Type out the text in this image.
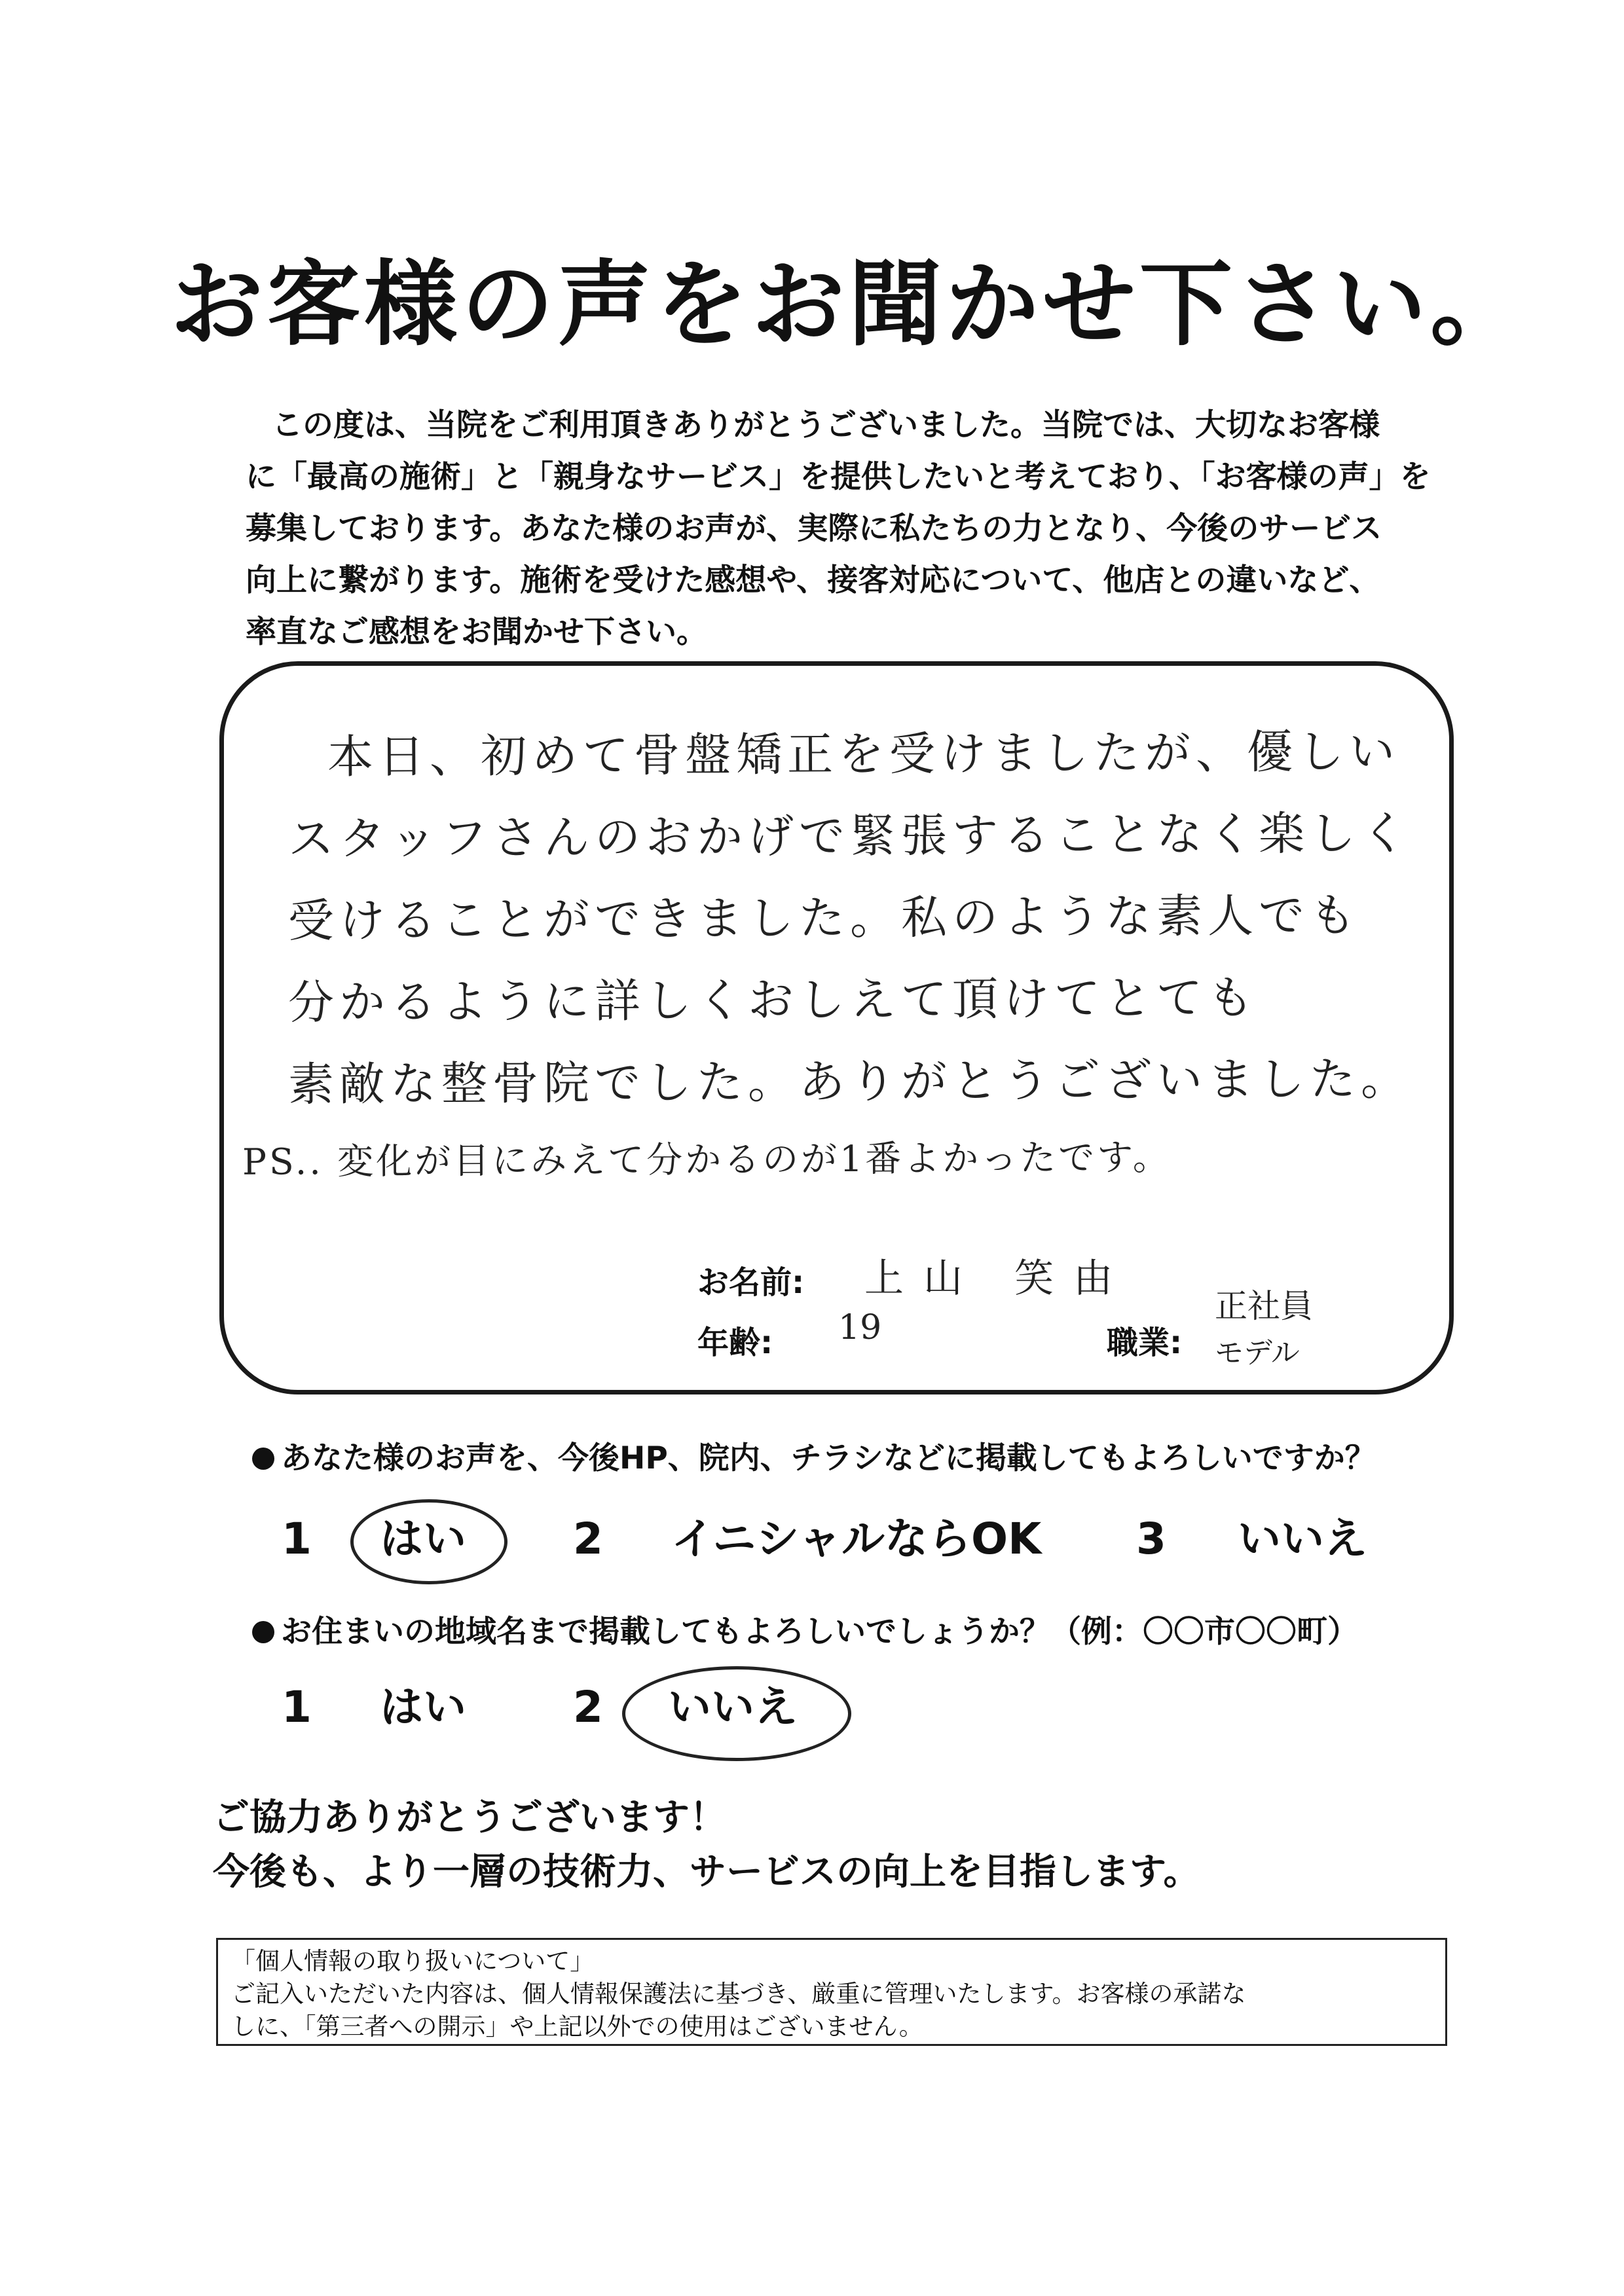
お客様の声をお聞かせ下さい。
この度は、当院をご利用頂きありがとうございました。当院では、大切なお客様
に「最高の施術」と「親身なサービス」を提供したいと考えており、「お客様の声」を
募集しております。あなた様のお声が、実際に私たちの力となり、今後のサービス
向上に繋がります。施術を受けた感想や、接客対応について、他店との違いなど、
率直なご感想をお聞かせ下さい。
本日、初めて骨盤矯正を受けましたが、優しい
スタッフさんのおかげで緊張することなく楽しく
受けることができました。私のような素人でも
分かるように詳しくおしえて頂けてとても
素敵な整骨院でした。ありがとうございました。
PS.. 変化が目にみえて分かるのが1番よかったです。
お名前: 上山 笑由
年齢: 19	職業:
正社員
モデル
あなた様のお声を、今後HP、院内、チラシなどに掲載してもよろしいですか？
1 はい 2 イニシャルならOK 3 いいえ
お住まいの地域名まで掲載してもよろしいでしょうか？（例：〇〇市〇〇町）
1 はい 2 いいえ
ご協力ありがとうございます！
今後も、より一層の技術力、サービスの向上を目指します。
「個人情報の取り扱いについて」
ご記入いただいた内容は、個人情報保護法に基づき、厳重に管理いたします。お客様の承諾な
しに、「第三者への開示」や上記以外での使用はございません。
